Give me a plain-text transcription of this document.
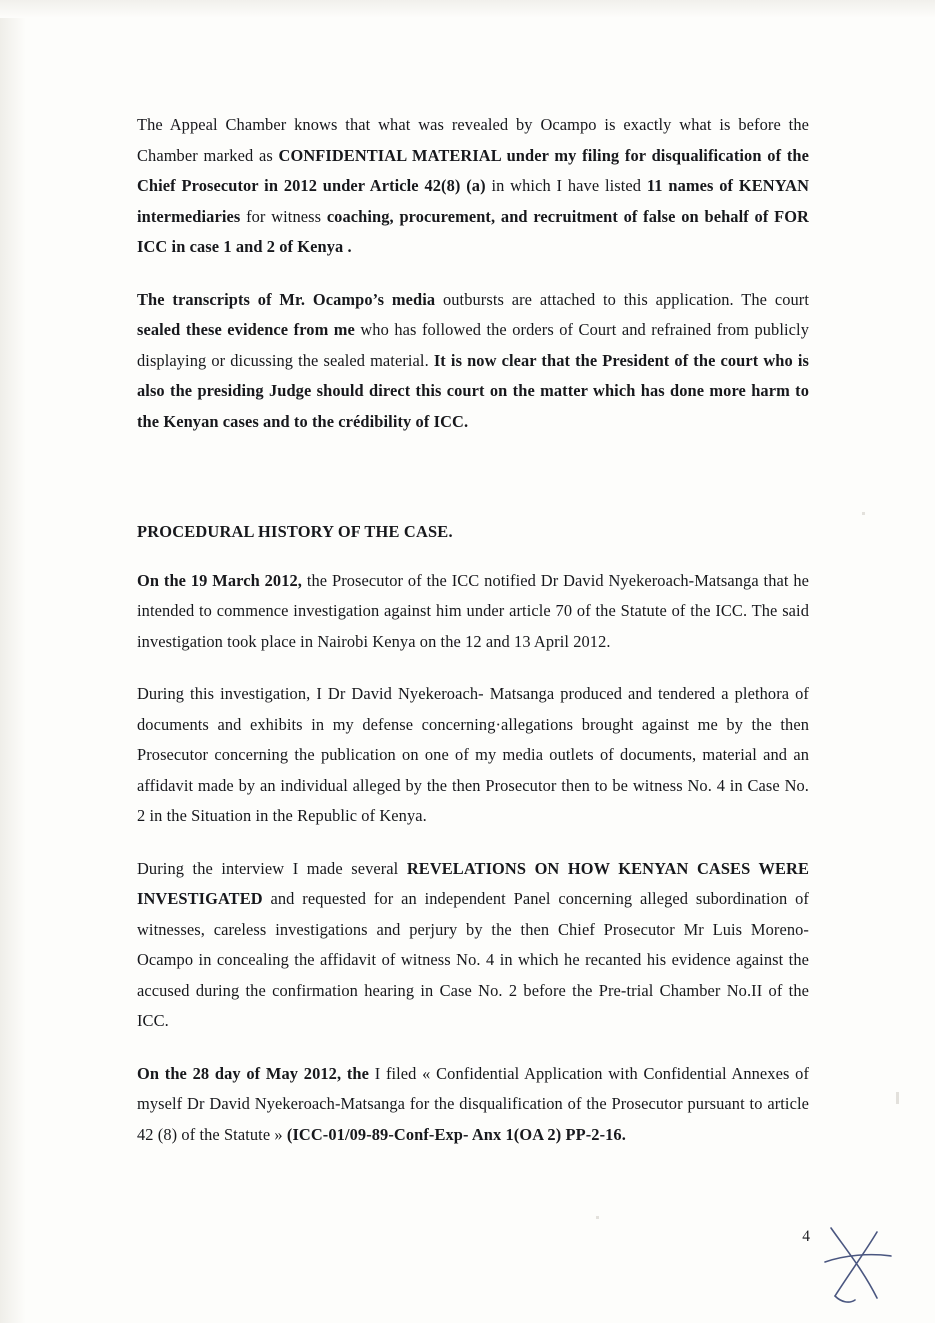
The Appeal Chamber knows that what was revealed by Ocampo is exactly what is before the Chamber marked as CONFIDENTIAL MATERIAL under my filing for disqualification of the Chief Prosecutor in 2012 under Article 42(8) (a) in which I have listed 11 names of KENYAN intermediaries for witness coaching, procurement, and recruitment of false on behalf of FOR ICC in case 1 and 2 of Kenya .

The transcripts of Mr. Ocampo’s media outbursts are attached to this application. The court sealed these evidence from me who has followed the orders of Court and refrained from publicly displaying or dicussing the sealed material. It is now clear that the President of the court who is also the presiding Judge should direct this court on the matter which has done more harm to the Kenyan cases and to the crédibility of ICC.

PROCEDURAL HISTORY OF THE CASE.

On the 19 March 2012, the Prosecutor of the ICC notified Dr David Nyekeroach-Matsanga that he intended to commence investigation against him under article 70 of the Statute of the ICC. The said investigation took place in Nairobi Kenya on the 12 and 13 April 2012.

During this investigation, I Dr David Nyekeroach- Matsanga produced and tendered a plethora of documents and exhibits in my defense concerning·allegations brought against me by the then Prosecutor concerning the publication on one of my media outlets of documents, material and an affidavit made by an individual alleged by the then Prosecutor then to be witness No. 4 in Case No. 2 in the Situation in the Republic of Kenya.

During the interview I made several REVELATIONS ON HOW KENYAN CASES WERE INVESTIGATED and requested for an independent Panel concerning alleged subordination of witnesses, careless investigations and perjury by the then Chief Prosecutor Mr Luis Moreno- Ocampo in concealing the affidavit of witness No. 4 in which he recanted his evidence against the accused during the confirmation hearing in Case No. 2 before the Pre-trial Chamber No.II of the ICC.

On the 28 day of May 2012, the I filed « Confidential Application with Confidential Annexes of myself Dr David Nyekeroach-Matsanga for the disqualification of the Prosecutor pursuant to article 42 (8) of the Statute » (ICC-01/09-89-Conf-Exp- Anx 1(OA 2) PP-2-16.

4
